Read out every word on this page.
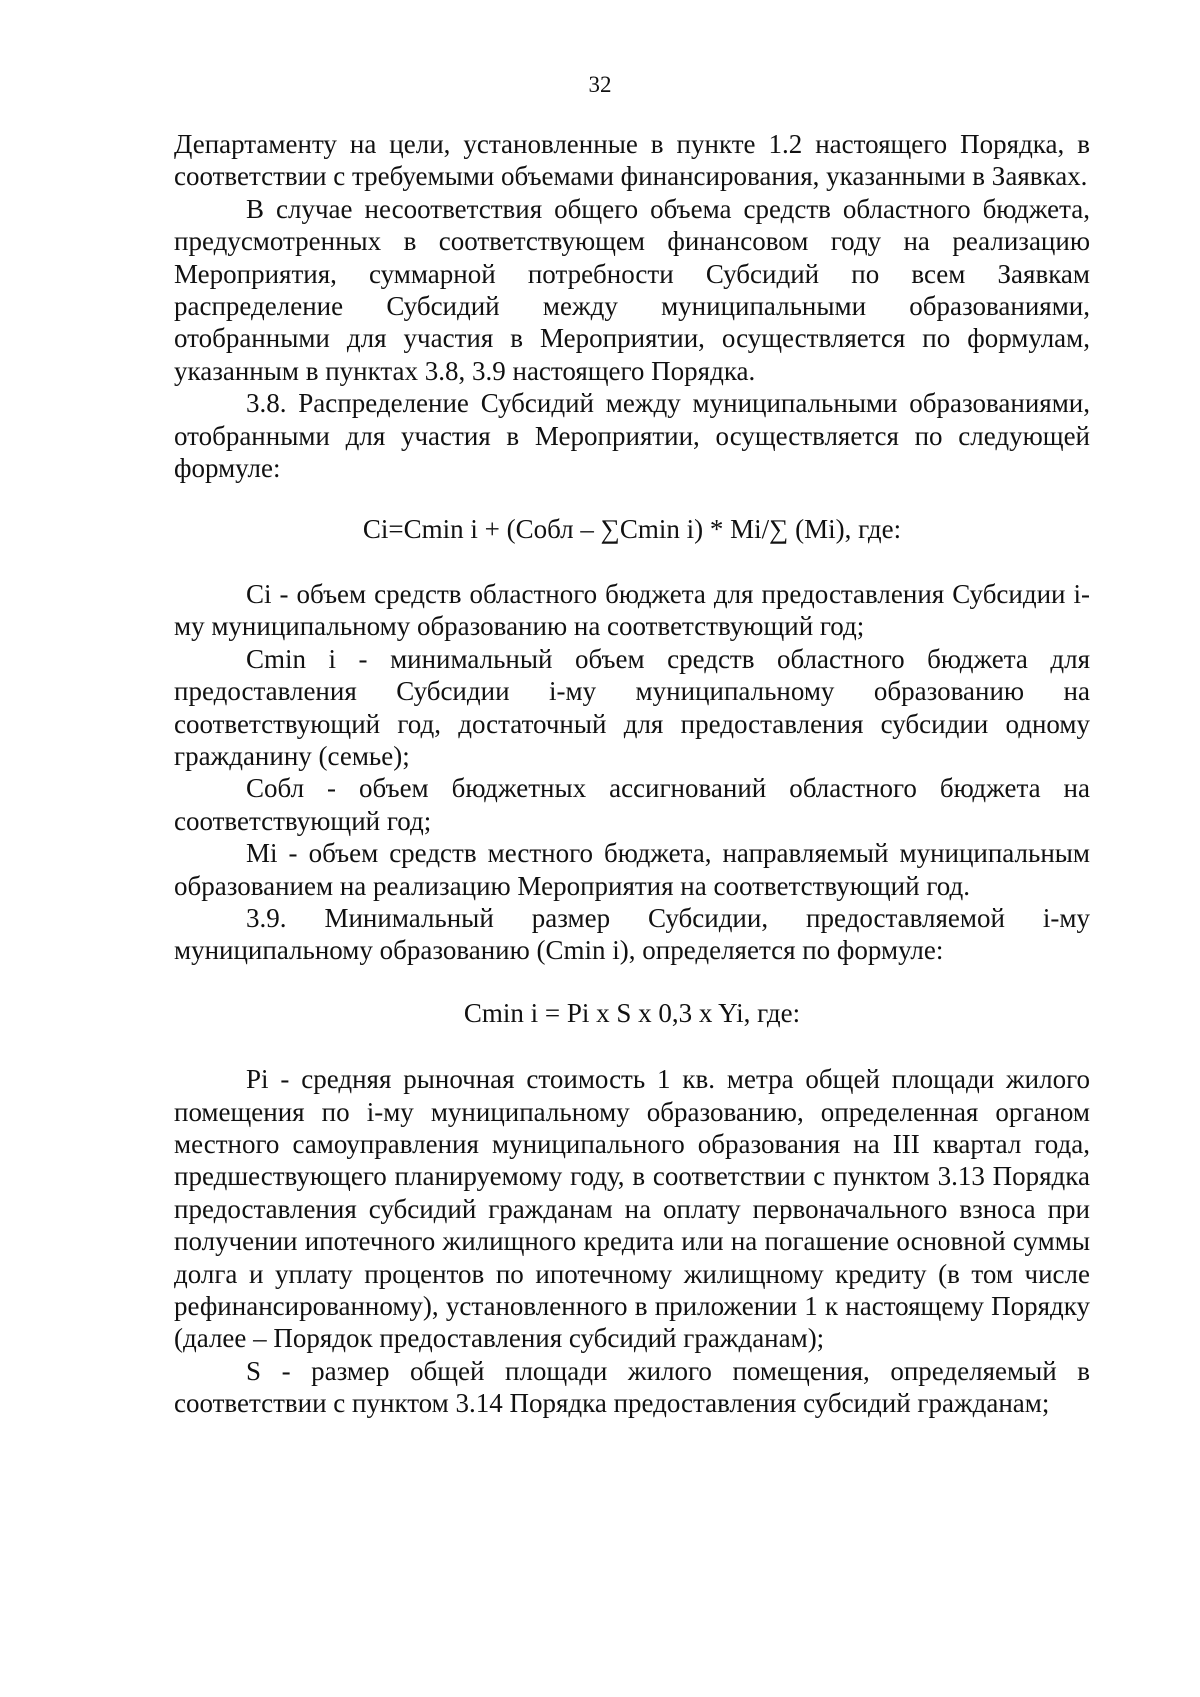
32

Департаменту на цели, установленные в пункте 1.2 настоящего Порядка, в соответствии с требуемыми объемами финансирования, указанными в Заявках.

В случае несоответствия общего объема средств областного бюджета, предусмотренных в соответствующем финансовом году на реализацию Мероприятия, суммарной потребности Субсидий по всем Заявкам распределение Субсидий между муниципальными образованиями, отобранными для участия в Мероприятии, осуществляется по формулам, указанным в пунктах 3.8, 3.9 настоящего Порядка.

3.8. Распределение Субсидий между муниципальными образованиями, отобранными для участия в Мероприятии, осуществляется по следующей формуле:

Ci=Cmin i + (Собл – ∑Cmin i) * Mi/∑ (Mi), где:

Ci - объем средств областного бюджета для предоставления Субсидии i-му муниципальному образованию на соответствующий год;

Cmin i - минимальный объем средств областного бюджета для предоставления Субсидии i-му муниципальному образованию на соответствующий год, достаточный для предоставления субсидии одному гражданину (семье);

Собл - объем бюджетных ассигнований областного бюджета на соответствующий год;

Mi - объем средств местного бюджета, направляемый муниципальным образованием на реализацию Мероприятия на соответствующий год.

3.9. Минимальный размер Субсидии, предоставляемой i-му муниципальному образованию (Cmin i), определяется по формуле:

Cmin i = Pi x S x 0,3 x Yi, где:

Pi - средняя рыночная стоимость 1 кв. метра общей площади жилого помещения по i-му муниципальному образованию, определенная органом местного самоуправления муниципального образования на III квартал года, предшествующего планируемому году, в соответствии с пунктом 3.13 Порядка предоставления субсидий гражданам на оплату первоначального взноса при получении ипотечного жилищного кредита или на погашение основной суммы долга и уплату процентов по ипотечному жилищному кредиту (в том числе рефинансированному), установленного в приложении 1 к настоящему Порядку (далее – Порядок предоставления субсидий гражданам);

S - размер общей площади жилого помещения, определяемый в соответствии с пунктом 3.14 Порядка предоставления субсидий гражданам;
